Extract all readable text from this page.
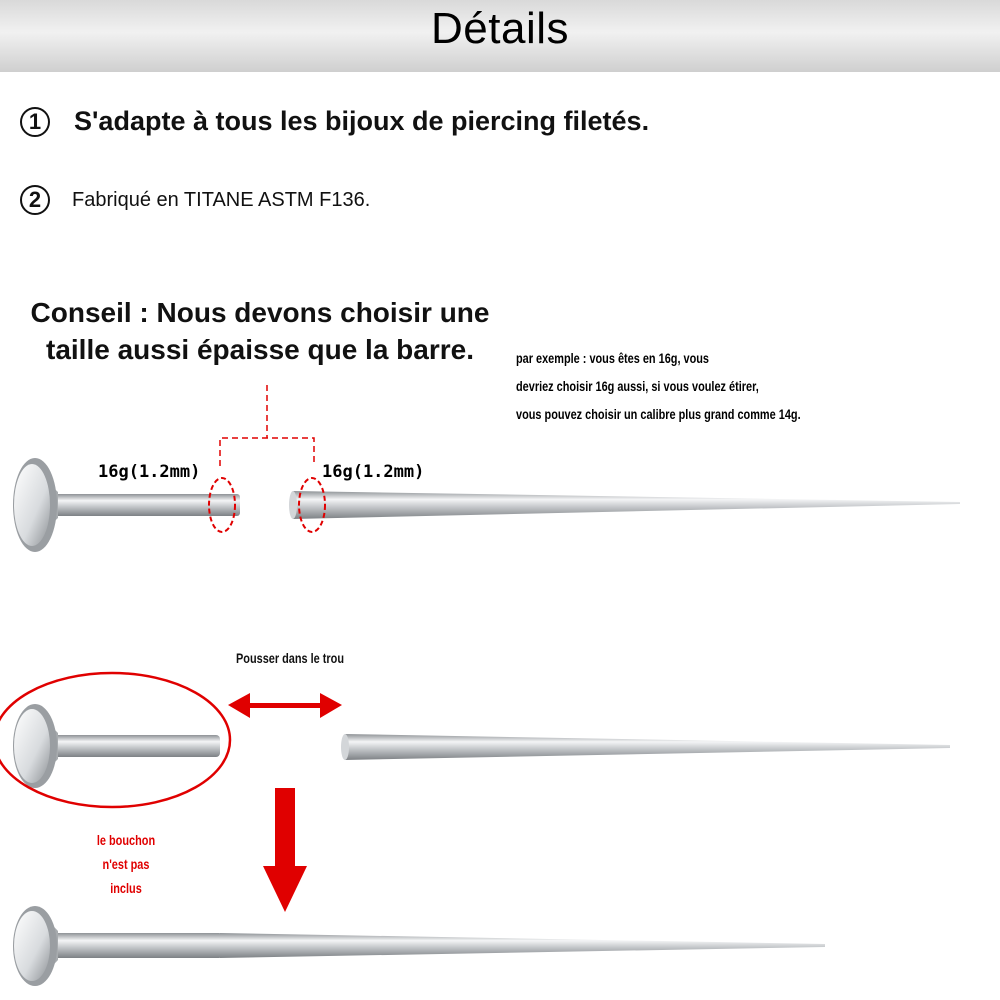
Détails
1	S'adapte à tous les bijoux de piercing filetés.
2	Fabriqué en TITANE ASTM F136.
Conseil : Nous devons choisir une
taille aussi épaisse que la barre.	par exemple : vous êtes en 16g, vous
devriez choisir 16g aussi, si vous voulez étirer,
vous pouvez choisir un calibre plus grand comme 14g.
16g(1.2mm)	16g(1.2mm)
Pousser dans le trou
le bouchon
n'est pas inclus
